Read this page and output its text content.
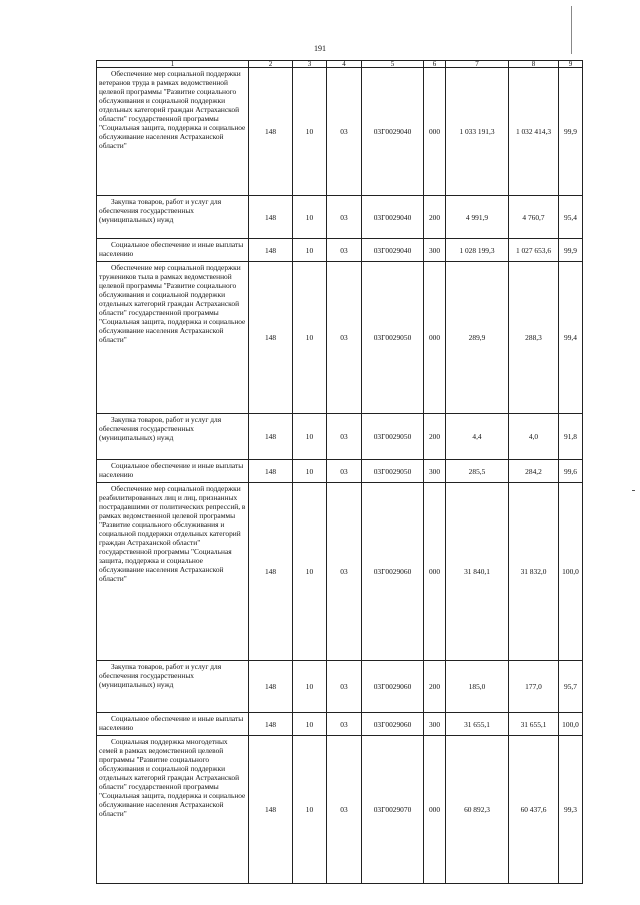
191
1	2	3	4	5	6	7	8	9

Обеспечение мер социальной поддержки ветеранов труда в рамках ведомственной целевой программы "Развитие социального обслуживания и социальной поддержки отдельных категорий граждан Астраханской области" государственной программы "Социальная защита, поддержка и социальное обслуживание населения Астраханской области"	148	10	03	03Г0029040	000	1 033 191,3	1 032 414,3	99,9

Закупка товаров, работ и услуг для обеспечения государственных (муниципальных) нужд	148	10	03	03Г0029040	200	4 991,9	4 760,7	95,4

Социальное обеспечение и иные выплаты населению	148	10	03	03Г0029040	300	1 028 199,3	1 027 653,6	99,9

Обеспечение мер социальной поддержки тружеников тыла в рамках ведомственной целевой программы "Развитие социального обслуживания и социальной поддержки отдельных категорий граждан Астраханской области" государственной программы "Социальная защита, поддержка и социальное обслуживание населения Астраханской области"	148	10	03	03Г0029050	000	289,9	288,3	99,4

Закупка товаров, работ и услуг для обеспечения государственных (муниципальных) нужд	148	10	03	03Г0029050	200	4,4	4,0	91,8

Социальное обеспечение и иные выплаты населению	148	10	03	03Г0029050	300	285,5	284,2	99,6

Обеспечение мер социальной поддержки реабилитированных лиц и лиц, признанных пострадавшими от политических репрессий, в рамках ведомственной целевой программы "Развитие социального обслуживания и социальной поддержки отдельных категорий граждан Астраханской области" государственной программы "Социальная защита, поддержка и социальное обслуживание населения Астраханской области"	148	10	03	03Г0029060	000	31 840,1	31 832,0	100,0

Закупка товаров, работ и услуг для обеспечения государственных (муниципальных) нужд	148	10	03	03Г0029060	200	185,0	177,0	95,7

Социальное обеспечение и иные выплаты населению	148	10	03	03Г0029060	300	31 655,1	31 655,1	100,0

Социальная поддержка многодетных семей в рамках ведомственной целевой программы "Развитие социального обслуживания и социальной поддержки отдельных категорий граждан Астраханской области" государственной программы "Социальная защита, поддержка и социальное обслуживание населения Астраханской области"	148	10	03	03Г0029070	000	60 892,3	60 437,6	99,3
